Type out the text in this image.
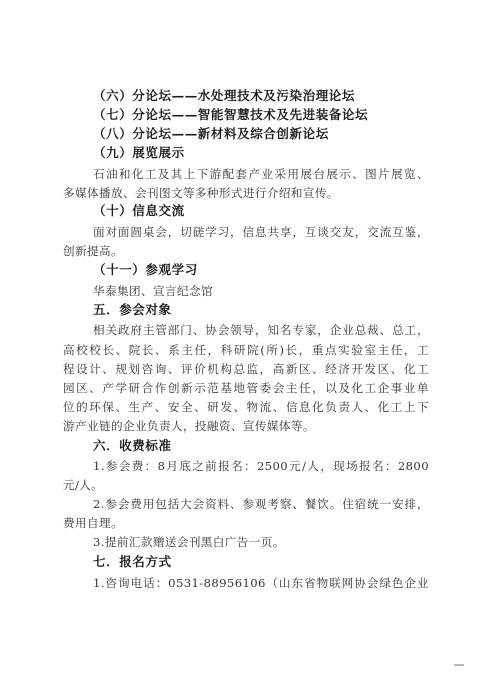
（六）分论坛——水处理技术及污染治理论坛
（七）分论坛——智能智慧技术及先进装备论坛
（八）分论坛——新材料及综合创新论坛
（九）展览展示
石油和化工及其上下游配套产业采用展台展示、图片展览、
多媒体播放、会刊图文等多种形式进行介绍和宣传。
（十）信息交流
面对面圆桌会，切磋学习，信息共享，互谈交友，交流互鉴，
创新提高。
（十一）参观学习
华泰集团、宣言纪念馆
五．参会对象
相关政府主管部门、协会领导，知名专家，企业总裁、总工，
高校校长、院长、系主任，科研院(所)长，重点实验室主任，工
程设计、规划咨询、评价机构总监，高新区、经济开发区、化工
园区、产学研合作创新示范基地管委会主任，以及化工企事业单
位的环保、生产、安全、研发、物流、信息化负责人、化工上下
游产业链的企业负责人，投融资、宣传媒体等。
六．收费标准
1.参会费：8月底之前报名：2500元/人，现场报名：2800
元/人。
2.参会费用包括大会资料、参观考察、餐饮。住宿统一安排，
费用自理。
3.提前汇款赠送会刊黑白广告一页。
七．报名方式
1.咨询电话：0531-88956106（山东省物联网协会绿色企业
